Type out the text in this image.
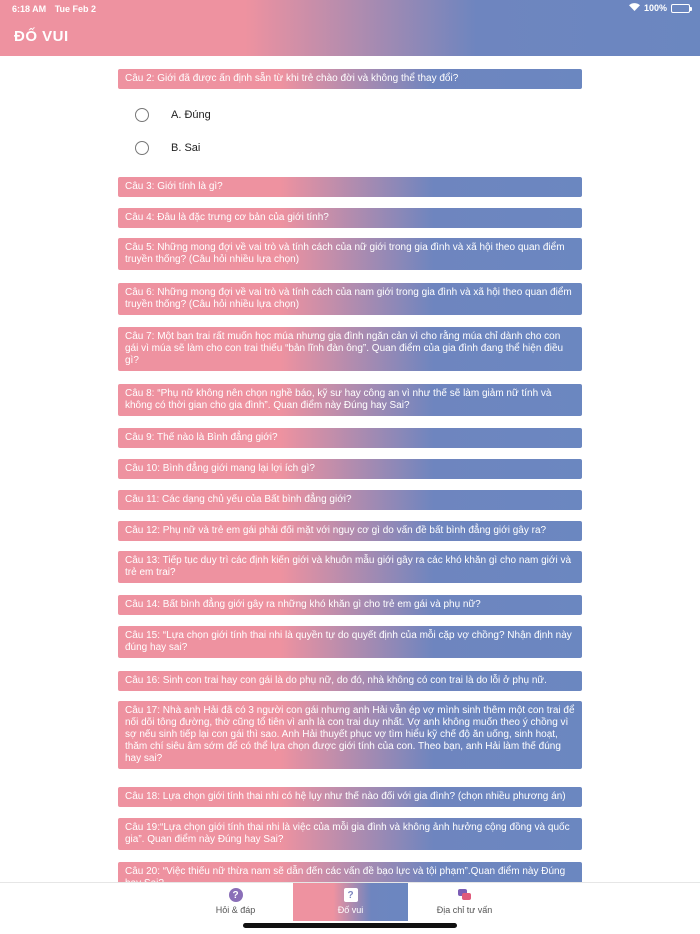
6:18 AM Tue Feb 2	100%
ĐỐ VUI
Câu 2: Giới đã được ấn định sẵn từ khi trẻ chào đời và không thể thay đổi?
A. Đúng
B. Sai
Câu 3: Giới tính là gì?
Câu 4: Đâu là đặc trưng cơ bản của giới tính?
Câu 5: Những mong đợi về vai trò và tính cách của nữ giới trong gia đình và xã hội theo quan điểm truyền thống? (Câu hỏi nhiều lựa chọn)
Câu 6: Những mong đợi về vai trò và tính cách của nam giới trong gia đình và xã hội theo quan điểm truyền thống? (Câu hỏi nhiều lựa chọn)
Câu 7: Một bạn trai rất muốn học múa nhưng gia đình ngăn cản vì cho rằng múa chỉ dành cho con gái vì múa sẽ làm cho con trai thiếu “bản lĩnh đàn ông”. Quan điểm của gia đình đang thể hiện điều gì?
Câu 8: “Phụ nữ không nên chọn nghề báo, kỹ sư hay công an vì như thế sẽ làm giảm nữ tính và không có thời gian cho gia đình”. Quan điểm này Đúng hay Sai?
Câu 9: Thế nào là Bình đẳng giới?
Câu 10: Bình đẳng giới mang lại lợi ích gì?
Câu 11: Các dạng chủ yếu của Bất bình đẳng giới?
Câu 12: Phụ nữ và trẻ em gái phải đối mặt với nguy cơ gì do vấn đề bất bình đẳng giới gây ra?
Câu 13: Tiếp tục duy trì các định kiến giới và khuôn mẫu giới gây ra các khó khăn gì cho nam giới và trẻ em trai?
Câu 14: Bất bình đẳng giới gây ra những khó khăn gì cho trẻ em gái và phụ nữ?
Câu 15: “Lựa chọn giới tính thai nhi là quyền tự do quyết định của mỗi cặp vợ chồng? Nhận định này đúng hay sai?
Câu 16: Sinh con trai hay con gái là do phụ nữ, do đó, nhà không có con trai là do lỗi ở phụ nữ.
Câu 17: Nhà anh Hải đã có 3 người con gái nhưng anh Hải vẫn ép vợ mình sinh thêm một con trai để nối dõi tông đường, thờ cũng tổ tiên vì anh là con trai duy nhất. Vợ anh không muốn theo ý chồng vì sợ nếu sinh tiếp lại con gái thì sao. Anh Hải thuyết phục vợ tìm hiểu kỹ chế độ ăn uống, sinh hoạt, thăm chí siêu âm sớm để có thể lựa chọn được giới tính của con. Theo bạn, anh Hải làm thế đúng hay sai?
Câu 18: Lựa chọn giới tính thai nhi có hệ lụy như thế nào đối với gia đình? (chọn nhiều phương án)
Câu 19:“Lựa chọn giới tính thai nhi là việc của mỗi gia đình và không ảnh hưởng cộng đồng và quốc gia”. Quan điểm này Đúng hay Sai?
Câu 20: “Việc thiếu nữ thừa nam sẽ dẫn đến các vấn đề bạo lực và tội phạm”.Quan điểm này Đúng
?
Hỏi & đáp
?
Đố vui	Địa chỉ tư vấn
